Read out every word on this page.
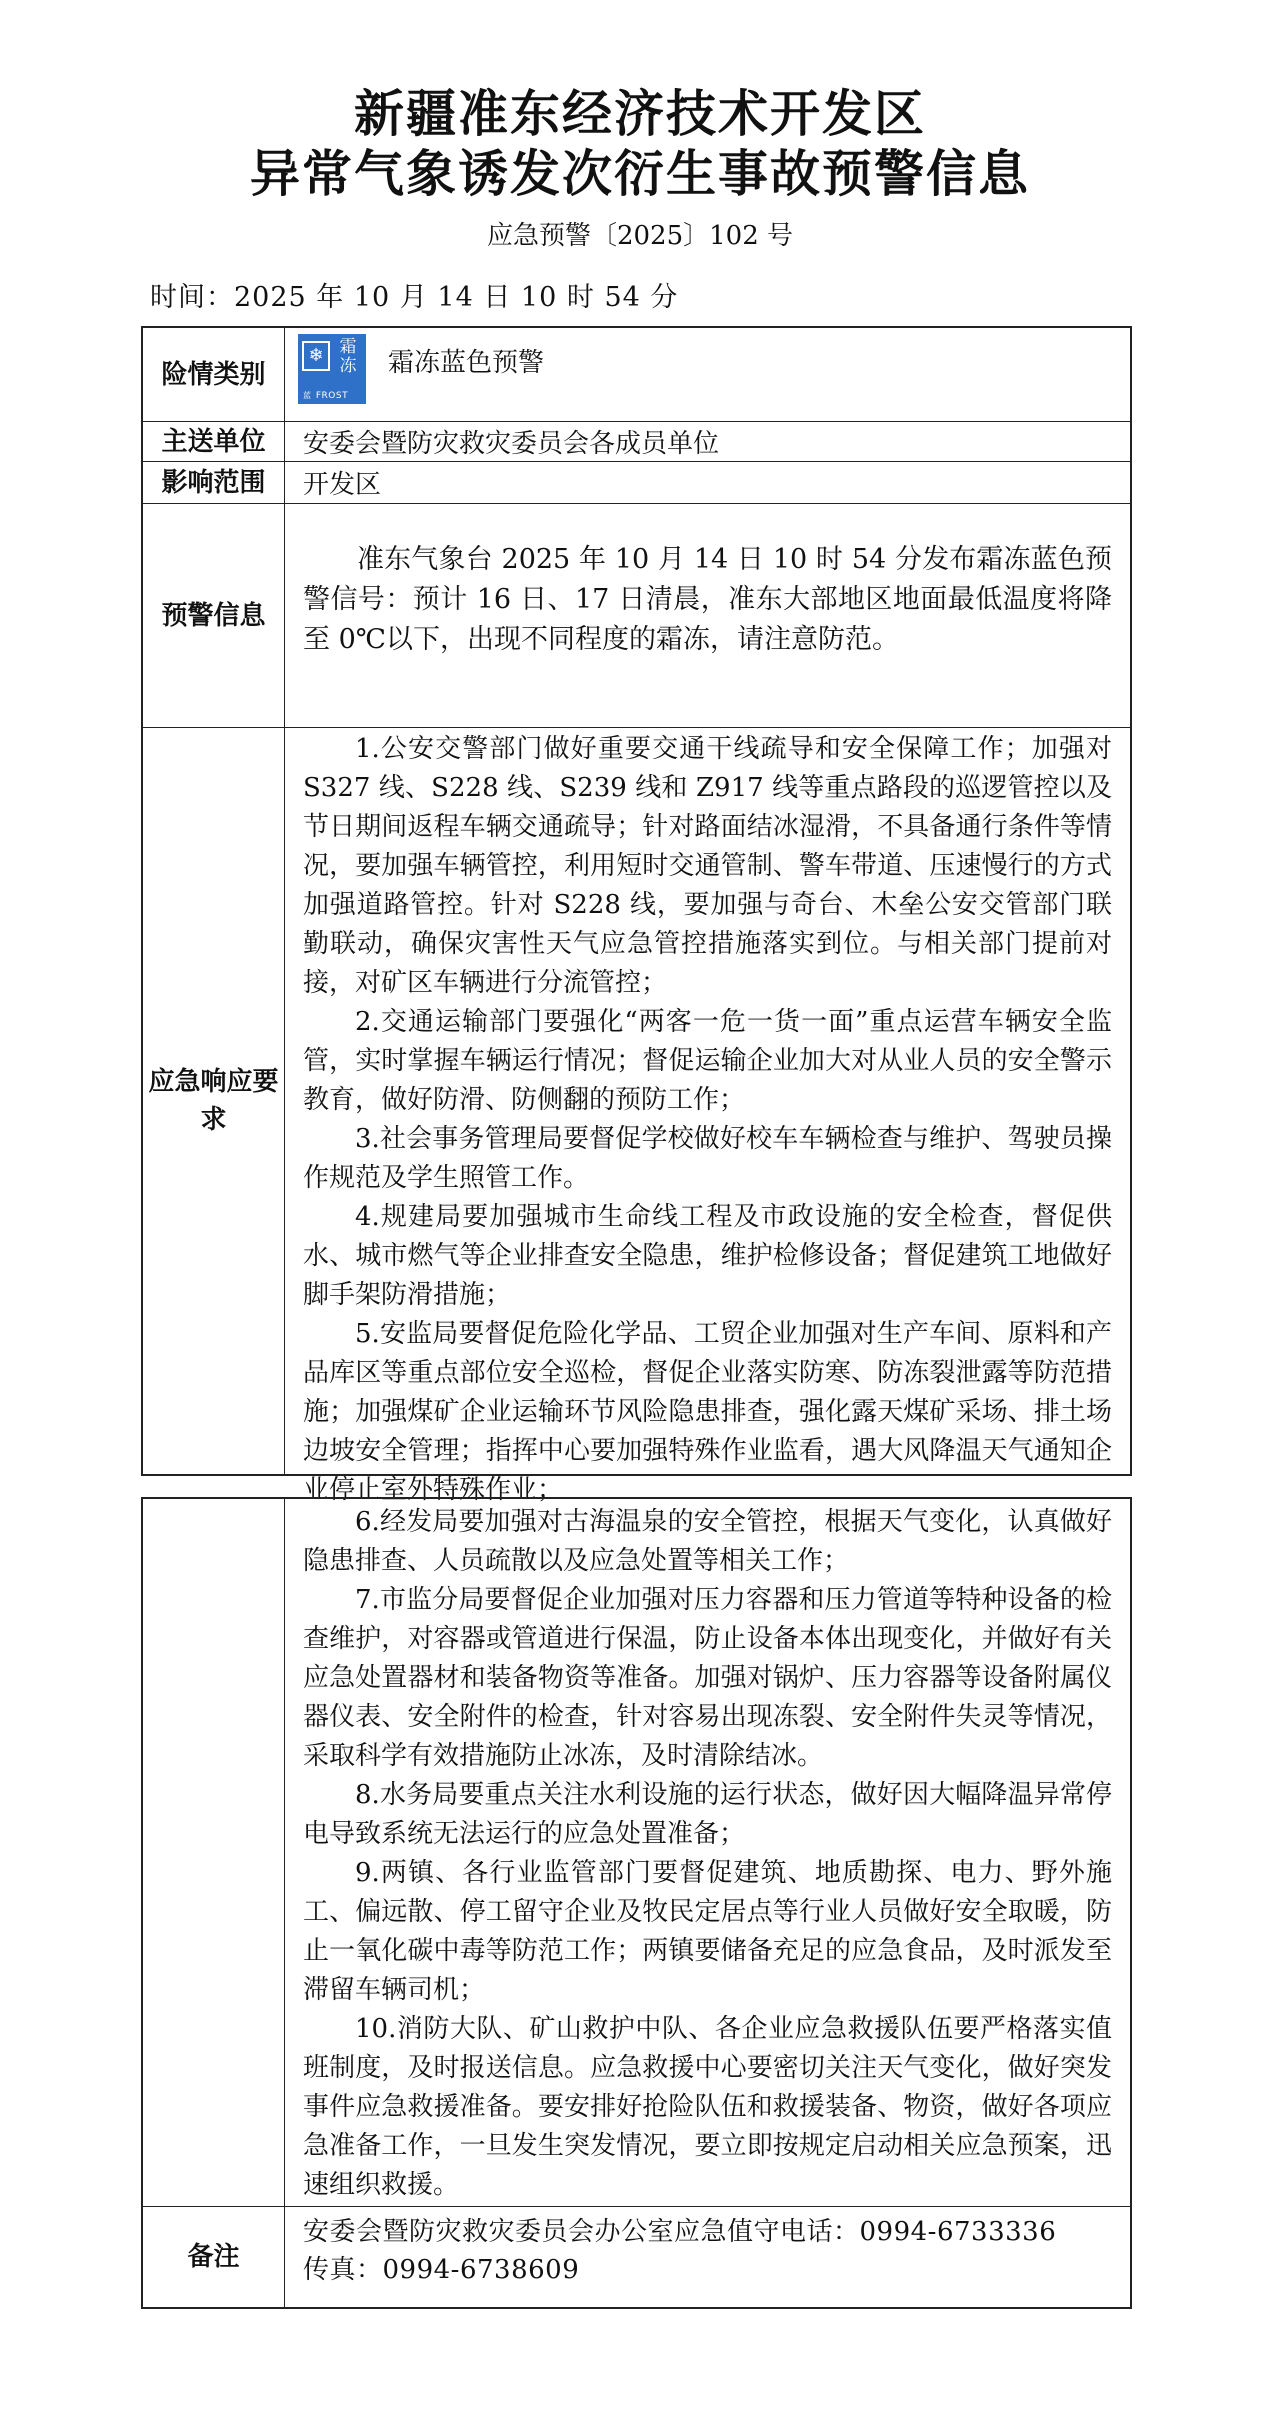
新疆准东经济技术开发区
异常气象诱发次衍生事故预警信息
应急预警〔2025〕102 号
时间：2025 年 10 月 14 日 10 时 54 分
险情类别
❄ 霜冻
蓝 FROST
霜冻蓝色预警
主送单位	安委会暨防灾救灾委员会各成员单位
影响范围	开发区
预警信息
准东气象台 2025 年 10 月 14 日 10 时 54 分发布霜冻蓝色预警信号：预计 16 日、17 日清晨，准东大部地区地面最低温度将降至 0℃以下，出现不同程度的霜冻，请注意防范。
应急响应要求
1.公安交警部门做好重要交通干线疏导和安全保障工作；加强对 S327 线、S228 线、S239 线和 Z917 线等重点路段的巡逻管控以及节日期间返程车辆交通疏导；针对路面结冰湿滑，不具备通行条件等情况，要加强车辆管控，利用短时交通管制、警车带道、压速慢行的方式加强道路管控。针对 S228 线，要加强与奇台、木垒公安交管部门联勤联动，确保灾害性天气应急管控措施落实到位。与相关部门提前对接，对矿区车辆进行分流管控；
2.交通运输部门要强化“两客一危一货一面”重点运营车辆安全监管，实时掌握车辆运行情况；督促运输企业加大对从业人员的安全警示教育，做好防滑、防侧翻的预防工作；
3.社会事务管理局要督促学校做好校车车辆检查与维护、驾驶员操作规范及学生照管工作。
4.规建局要加强城市生命线工程及市政设施的安全检查，督促供水、城市燃气等企业排查安全隐患，维护检修设备；督促建筑工地做好脚手架防滑措施；
5.安监局要督促危险化学品、工贸企业加强对生产车间、原料和产品库区等重点部位安全巡检，督促企业落实防寒、防冻裂泄露等防范措施；加强煤矿企业运输环节风险隐患排查，强化露天煤矿采场、排土场边坡安全管理；指挥中心要加强特殊作业监看，遇大风降温天气通知企业停止室外特殊作业；
6.经发局要加强对古海温泉的安全管控，根据天气变化，认真做好隐患排查、人员疏散以及应急处置等相关工作；
7.市监分局要督促企业加强对压力容器和压力管道等特种设备的检查维护，对容器或管道进行保温，防止设备本体出现变化，并做好有关应急处置器材和装备物资等准备。加强对锅炉、压力容器等设备附属仪器仪表、安全附件的检查，针对容易出现冻裂、安全附件失灵等情况，采取科学有效措施防止冰冻，及时清除结冰。
8.水务局要重点关注水利设施的运行状态，做好因大幅降温异常停电导致系统无法运行的应急处置准备；
9.两镇、各行业监管部门要督促建筑、地质勘探、电力、野外施工、偏远散、停工留守企业及牧民定居点等行业人员做好安全取暖，防止一氧化碳中毒等防范工作；两镇要储备充足的应急食品，及时派发至滞留车辆司机；
10.消防大队、矿山救护中队、各企业应急救援队伍要严格落实值班制度，及时报送信息。应急救援中心要密切关注天气变化，做好突发事件应急救援准备。要安排好抢险队伍和救援装备、物资，做好各项应急准备工作，一旦发生突发情况，要立即按规定启动相关应急预案，迅速组织救援。
备注
安委会暨防灾救灾委员会办公室应急值守电话：0994-6733336
传真：0994-6738609
